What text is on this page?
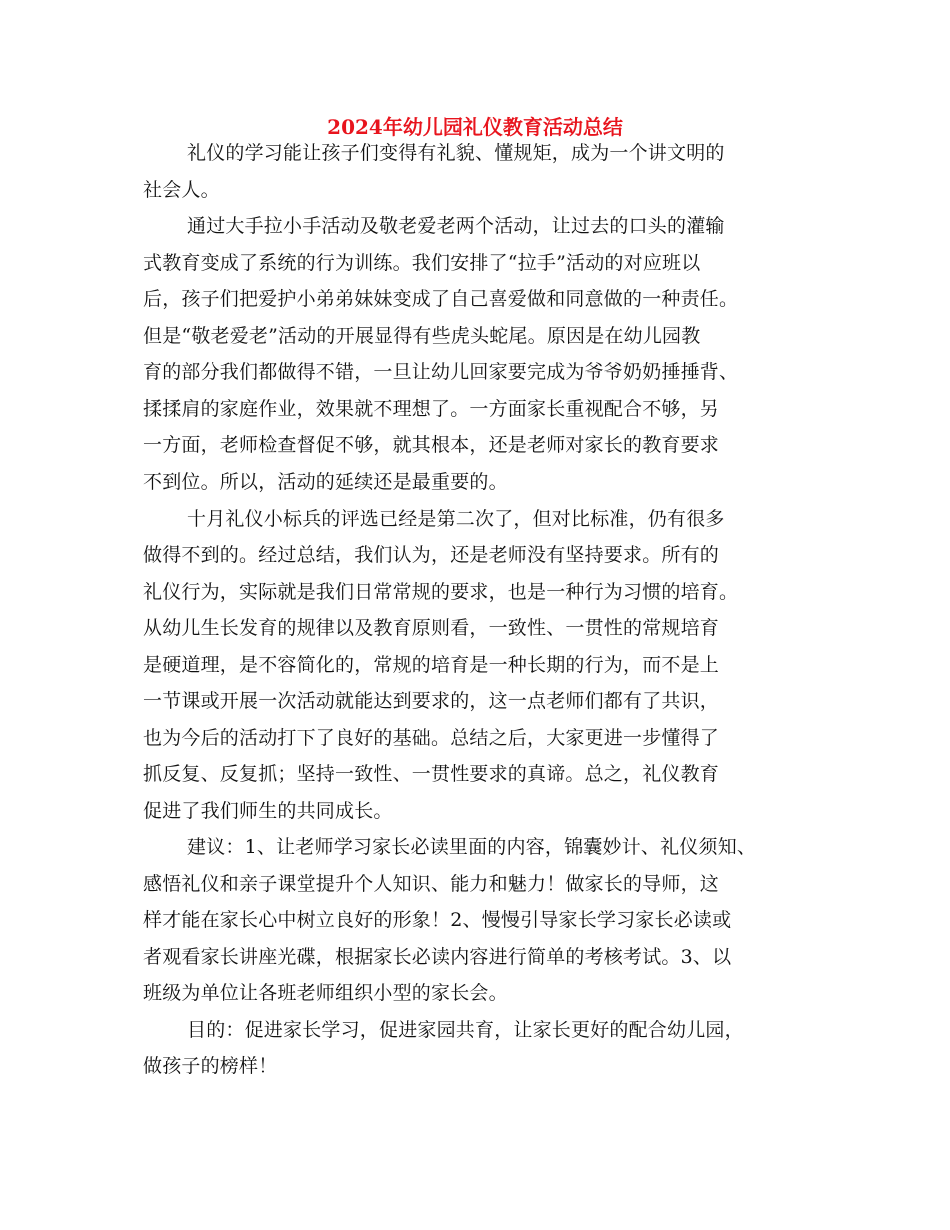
2024年幼儿园礼仪教育活动总结
礼仪的学习能让孩子们变得有礼貌、懂规矩，成为一个讲文明的
社会人。
通过大手拉小手活动及敬老爱老两个活动，让过去的口头的灌输
式教育变成了系统的行为训练。我们安排了“拉手”活动的对应班以
后，孩子们把爱护小弟弟妹妹变成了自己喜爱做和同意做的一种责任。
但是“敬老爱老”活动的开展显得有些虎头蛇尾。原因是在幼儿园教
育的部分我们都做得不错，一旦让幼儿回家要完成为爷爷奶奶捶捶背、
揉揉肩的家庭作业，效果就不理想了。一方面家长重视配合不够，另
一方面，老师检查督促不够，就其根本，还是老师对家长的教育要求
不到位。所以，活动的延续还是最重要的。
十月礼仪小标兵的评选已经是第二次了，但对比标准，仍有很多
做得不到的。经过总结，我们认为，还是老师没有坚持要求。所有的
礼仪行为，实际就是我们日常常规的要求，也是一种行为习惯的培育。
从幼儿生长发育的规律以及教育原则看，一致性、一贯性的常规培育
是硬道理，是不容简化的，常规的培育是一种长期的行为，而不是上
一节课或开展一次活动就能达到要求的，这一点老师们都有了共识，
也为今后的活动打下了良好的基础。总结之后，大家更进一步懂得了
抓反复、反复抓；坚持一致性、一贯性要求的真谛。总之，礼仪教育
促进了我们师生的共同成长。
建议：1、让老师学习家长必读里面的内容，锦囊妙计、礼仪须知、
感悟礼仪和亲子课堂提升个人知识、能力和魅力！做家长的导师，这
样才能在家长心中树立良好的形象！2、慢慢引导家长学习家长必读或
者观看家长讲座光碟，根据家长必读内容进行简单的考核考试。3、以
班级为单位让各班老师组织小型的家长会。
目的：促进家长学习，促进家园共育，让家长更好的配合幼儿园，
做孩子的榜样！
